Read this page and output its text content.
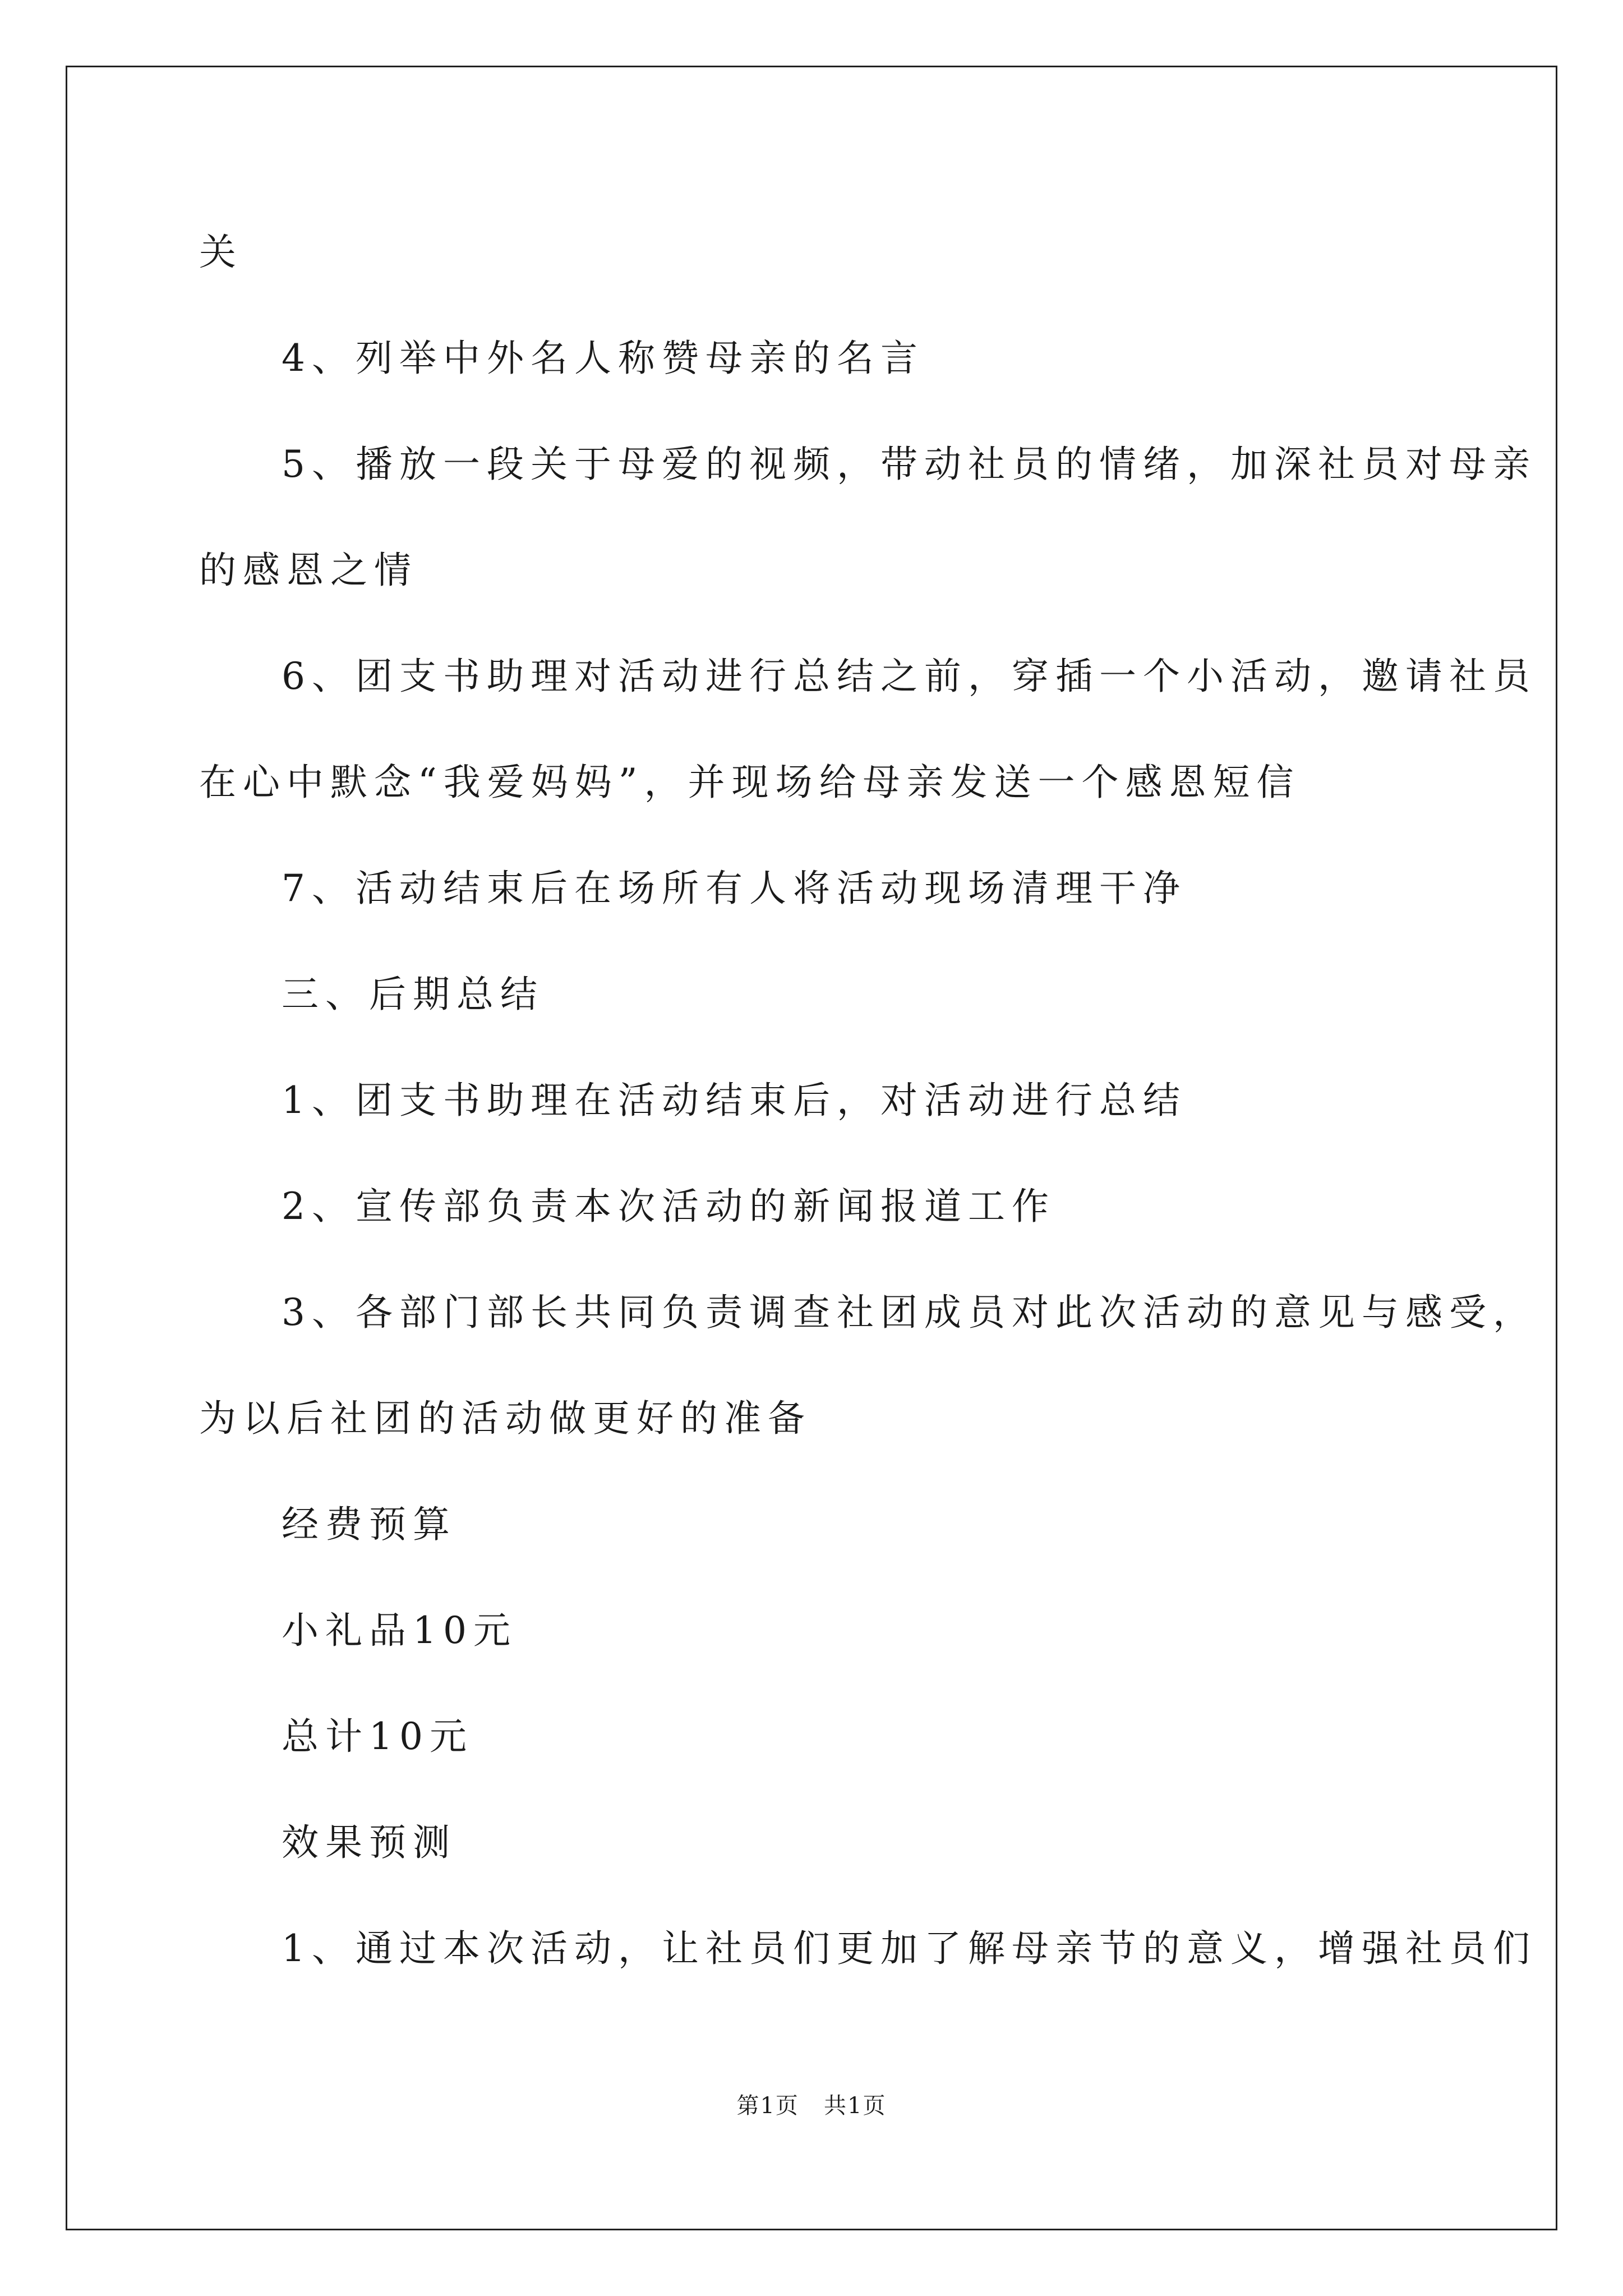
关

4、列举中外名人称赞母亲的名言

5、播放一段关于母爱的视频，带动社员的情绪，加深社员对母亲

的感恩之情

6、团支书助理对活动进行总结之前，穿插一个小活动，邀请社员

在心中默念“我爱妈妈”，并现场给母亲发送一个感恩短信

7、活动结束后在场所有人将活动现场清理干净

三、后期总结

1、团支书助理在活动结束后，对活动进行总结

2、宣传部负责本次活动的新闻报道工作

3、各部门部长共同负责调查社团成员对此次活动的意见与感受，

为以后社团的活动做更好的准备

经费预算

小礼品10元

总计10元

效果预测

1、通过本次活动，让社员们更加了解母亲节的意义，增强社员们

第1页   共1页
